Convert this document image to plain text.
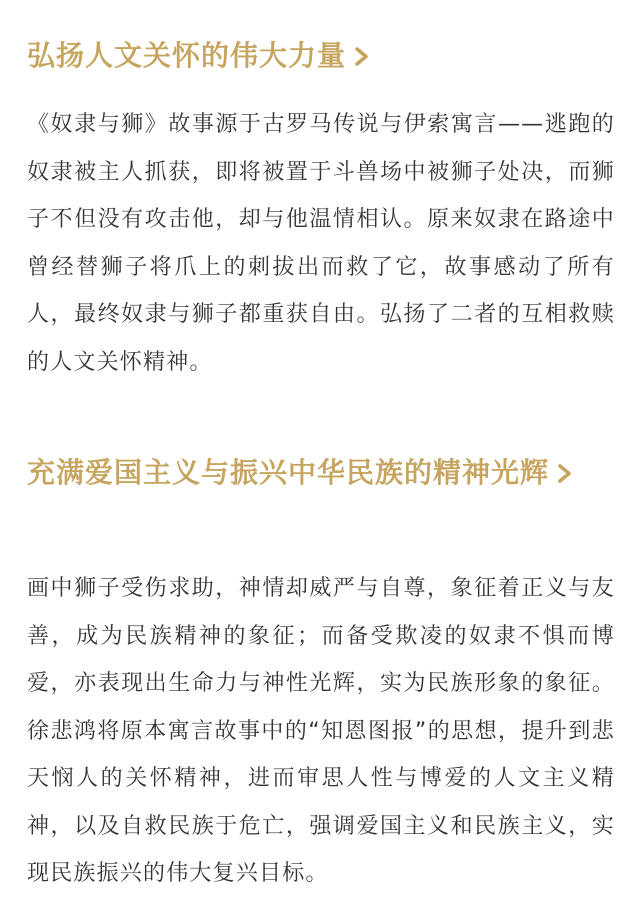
弘扬人文关怀的伟大力量

《奴隶与狮》故事源于古罗马传说与伊索寓言——逃跑的奴隶被主人抓获，即将被置于斗兽场中被狮子处决，而狮子不但没有攻击他，却与他温情相认。原来奴隶在路途中曾经替狮子将爪上的刺拔出而救了它，故事感动了所有人，最终奴隶与狮子都重获自由。弘扬了二者的互相救赎的人文关怀精神。

充满爱国主义与振兴中华民族的精神光辉

画中狮子受伤求助，神情却威严与自尊，象征着正义与友善，成为民族精神的象征；而备受欺凌的奴隶不惧而博爱，亦表现出生命力与神性光辉，实为民族形象的象征。徐悲鸿将原本寓言故事中的“知恩图报”的思想，提升到悲天悯人的关怀精神，进而审思人性与博爱的人文主义精神，以及自救民族于危亡，强调爱国主义和民族主义，实现民族振兴的伟大复兴目标。
